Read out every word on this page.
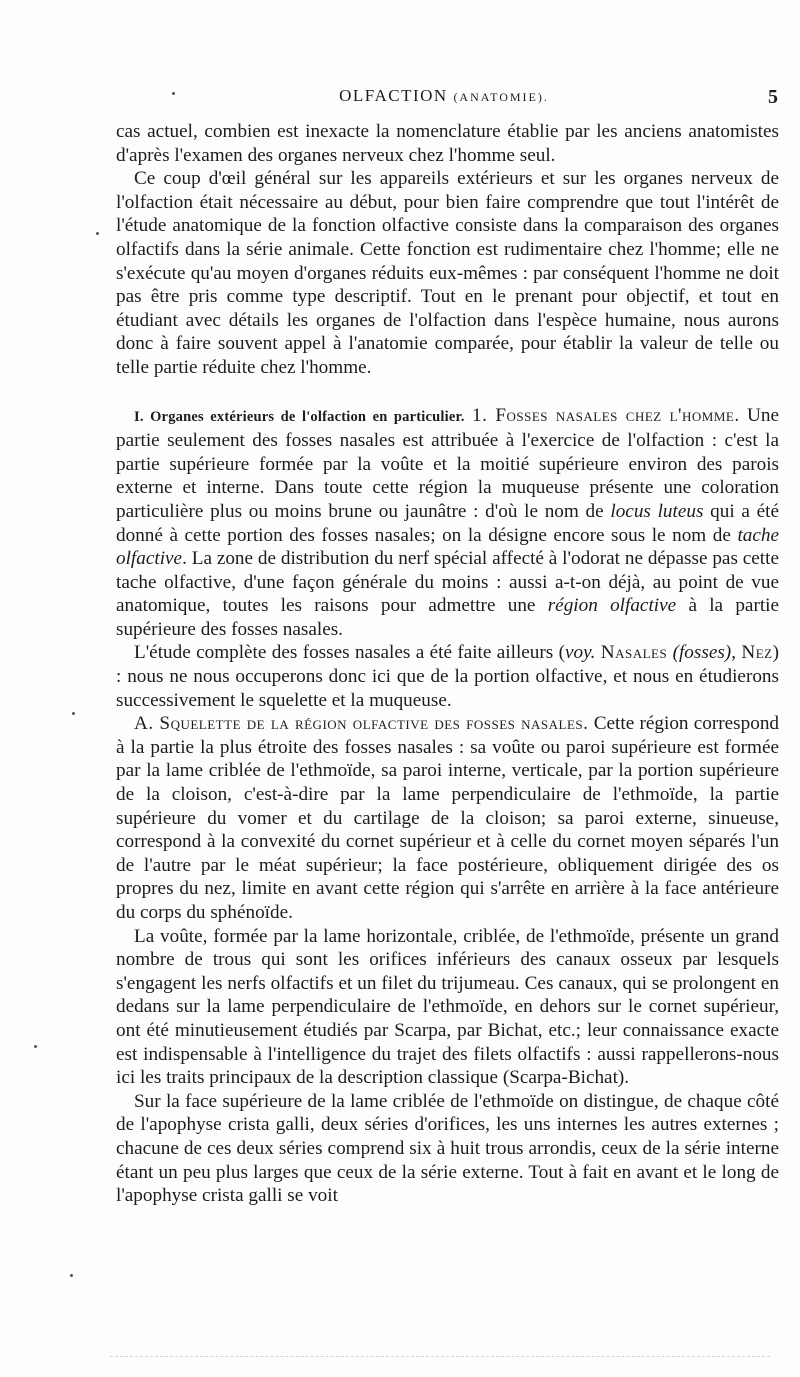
OLFACTION (ANATOMIE).	5

cas actuel, combien est inexacte la nomenclature établie par les anciens anatomistes d'après l'examen des organes nerveux chez l'homme seul.

Ce coup d'œil général sur les appareils extérieurs et sur les organes nerveux de l'olfaction était nécessaire au début, pour bien faire comprendre que tout l'intérêt de l'étude anatomique de la fonction olfactive consiste dans la comparaison des organes olfactifs dans la série animale. Cette fonction est rudimentaire chez l'homme; elle ne s'exécute qu'au moyen d'organes réduits eux-mêmes : par conséquent l'homme ne doit pas être pris comme type descriptif. Tout en le prenant pour objectif, et tout en étudiant avec détails les organes de l'olfaction dans l'espèce humaine, nous aurons donc à faire souvent appel à l'anatomie comparée, pour établir la valeur de telle ou telle partie réduite chez l'homme.

I. Organes extérieurs de l'olfaction en particulier. 1. Fosses nasales chez l'homme. Une partie seulement des fosses nasales est attribuée à l'exercice de l'olfaction : c'est la partie supérieure formée par la voûte et la moitié supérieure environ des parois externe et interne. Dans toute cette région la muqueuse présente une coloration particulière plus ou moins brune ou jaunâtre : d'où le nom de locus luteus qui a été donné à cette portion des fosses nasales; on la désigne encore sous le nom de tache olfactive. La zone de distribution du nerf spécial affecté à l'odorat ne dépasse pas cette tache olfactive, d'une façon générale du moins : aussi a-t-on déjà, au point de vue anatomique, toutes les raisons pour admettre une région olfactive à la partie supérieure des fosses nasales.

L'étude complète des fosses nasales a été faite ailleurs (voy. Nasales (fosses), Nez) : nous ne nous occuperons donc ici que de la portion olfactive, et nous en étudierons successivement le squelette et la muqueuse.

A. Squelette de la région olfactive des fosses nasales. Cette région correspond à la partie la plus étroite des fosses nasales : sa voûte ou paroi supérieure est formée par la lame criblée de l'ethmoïde, sa paroi interne, verticale, par la portion supérieure de la cloison, c'est-à-dire par la lame perpendiculaire de l'ethmoïde, la partie supérieure du vomer et du cartilage de la cloison; sa paroi externe, sinueuse, correspond à la convexité du cornet supérieur et à celle du cornet moyen séparés l'un de l'autre par le méat supérieur; la face postérieure, obliquement dirigée des os propres du nez, limite en avant cette région qui s'arrête en arrière à la face antérieure du corps du sphénoïde.

La voûte, formée par la lame horizontale, criblée, de l'ethmoïde, présente un grand nombre de trous qui sont les orifices inférieurs des canaux osseux par lesquels s'engagent les nerfs olfactifs et un filet du trijumeau. Ces canaux, qui se prolongent en dedans sur la lame perpendiculaire de l'ethmoïde, en dehors sur le cornet supérieur, ont été minutieusement étudiés par Scarpa, par Bichat, etc.; leur connaissance exacte est indispensable à l'intelligence du trajet des filets olfactifs : aussi rappellerons-nous ici les traits principaux de la description classique (Scarpa-Bichat).

Sur la face supérieure de la lame criblée de l'ethmoïde on distingue, de chaque côté de l'apophyse crista galli, deux séries d'orifices, les uns internes les autres externes ; chacune de ces deux séries comprend six à huit trous arrondis, ceux de la série interne étant un peu plus larges que ceux de la série externe. Tout à fait en avant et le long de l'apophyse crista galli se voit
